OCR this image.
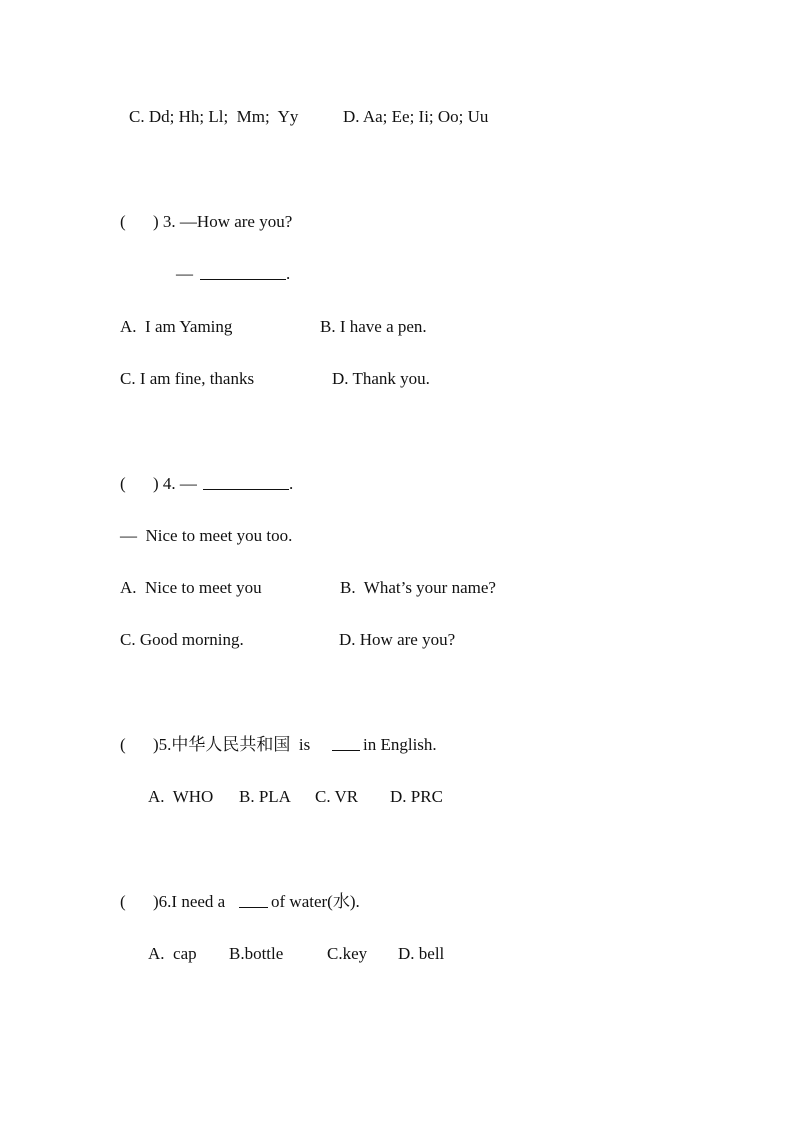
C. Dd; Hh; Ll;  Mm;  Yy

	D. Aa; Ee; Ii; Oo; Uu

(

) 3. —How are you?

—

	.

A.  I am Yaming

	B. I have a pen.

C. I am fine, thanks

	D. Thank you.

(

) 4. —

	.

—  Nice to meet you too.

A.  Nice to meet you

	B.  What’s your name?

C. Good morning.

	D. How are you?

(

)5.中华人民共和国  is

	in English.

A.  WHO

B. PLA

C. VR

D. PRC

(

)6.I need a

	of water(水).

A.  cap

B.bottle

	C.key

D. bell
